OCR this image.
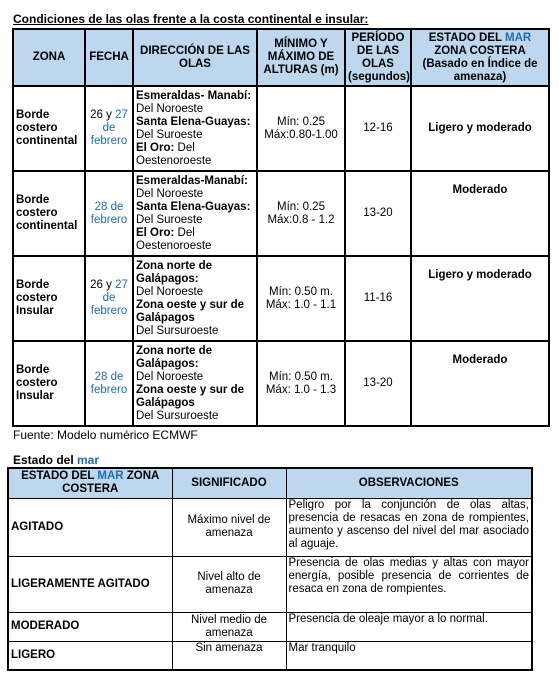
Condiciones de las olas frente a la costa continental e insular:
ZONA	FECHA	DIRECCIÓN DE LAS OLAS	MÍNIMO Y MÁXIMO DE ALTURAS (m)	PERÍODO DE LAS OLAS (segundos)	ESTADO DEL MAR ZONA COSTERA (Basado en Índice de amenaza)
Borde costero continental	26 y 27 de febrero	Esmeraldas- Manabí:
Del Noroeste
Santa Elena-Guayas:
Del Suroeste
El Oro: Del Oestenoroeste	Mín: 0.25
Máx:0.80-1.00	12-16	Ligero y moderado
Borde costero continental	28 de febrero	Esmeraldas-Manabí:
Del Noroeste
Santa Elena-Guayas:
Del Suroeste
El Oro: Del Oestenoroeste	Mín: 0.25
Máx:0.8 - 1.2	13-20	Moderado
Borde costero Insular	26 y 27 de febrero	Zona norte de Galápagos:
Del Noroeste
Zona oeste y sur de Galápagos
Del Sursuroeste	Mín: 0.50 m.
Máx: 1.0 - 1.1	11-16	Ligero y moderado
Borde costero Insular	28 de febrero	Zona norte de Galápagos:
Del Noroeste
Zona oeste y sur de Galápagos
Del Sursuroeste	Mín: 0.50 m.
Máx: 1.0 - 1.3	13-20	Moderado
Fuente: Modelo numérico ECMWF
Estado del mar
ESTADO DEL MAR ZONA COSTERA	SIGNIFICADO	OBSERVACIONES
AGITADO	Máximo nivel de amenaza	Peligro por la conjunción de olas altas, presencia de resacas en zona de rompientes, aumento y ascenso del nivel del mar asociado al aguaje.
LIGERAMENTE AGITADO	Nivel alto de amenaza	Presencia de olas medias y altas con mayor energía, posible presencia de corrientes de resaca en zona de rompientes.
MODERADO	Nivel medio de amenaza	Presencia de oleaje mayor a lo normal.
LIGERO	Sin amenaza	Mar tranquilo
